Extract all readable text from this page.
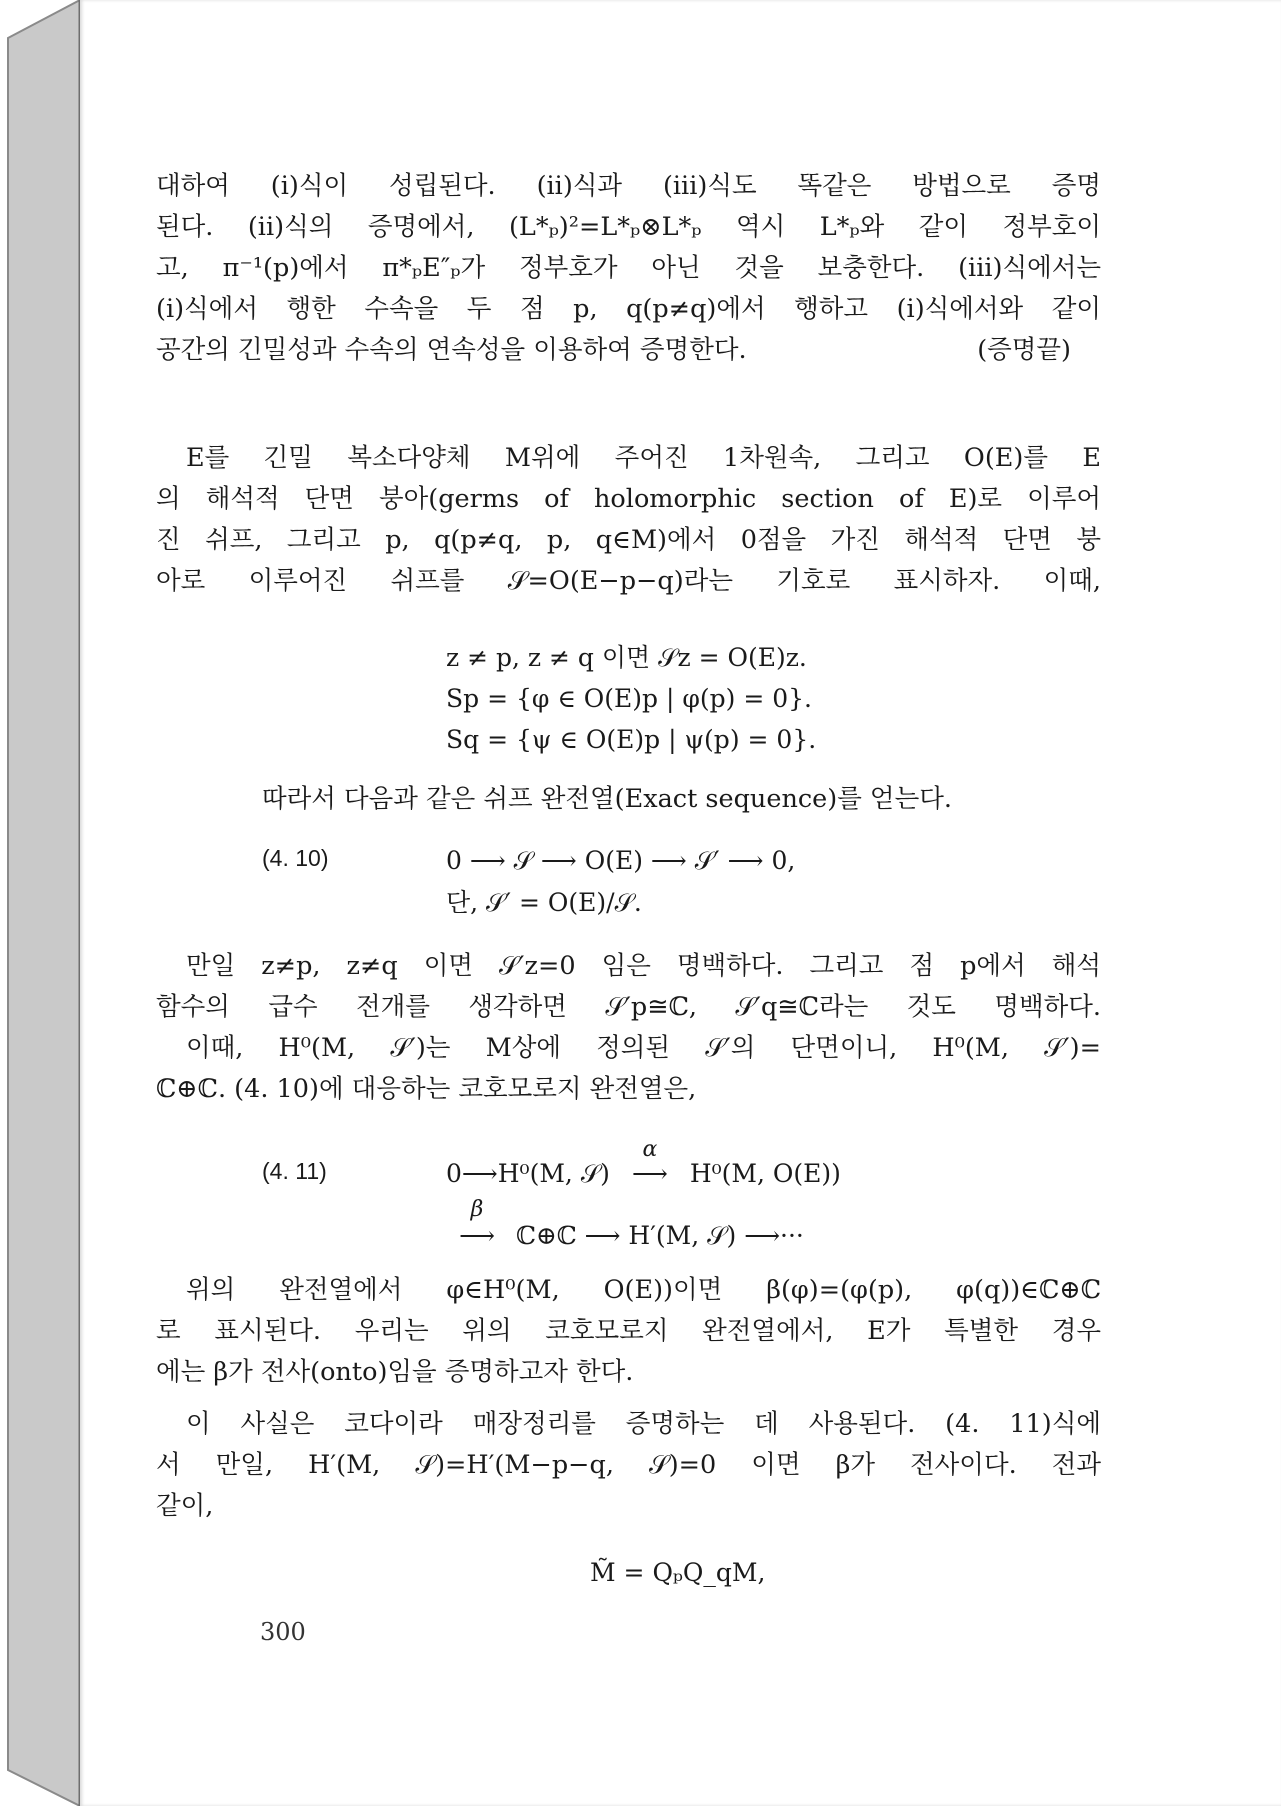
대하여 (i)식이 성립된다. (ii)식과 (iii)식도 똑같은 방법으로 증명
된다. (ii)식의 증명에서, (L*ₚ)²=L*ₚ⊗L*ₚ 역시 L*ₚ와 같이 정부호이
고, π⁻¹(p)에서 π*ₚE″ₚ가 정부호가 아닌 것을 보충한다. (iii)식에서는
(i)식에서 행한 수속을 두 점 p, q(p≠q)에서 행하고 (i)식에서와 같이
공간의 긴밀성과 수속의 연속성을 이용하여 증명한다.	(증명끝)
E를 긴밀 복소다양체 M위에 주어진 1차원속, 그리고 O(E)를 E
의 해석적 단면 붕아(germs of holomorphic section of E)로 이루어
진 쉬프, 그리고 p, q(p≠q, p, q∈M)에서 0점을 가진 해석적 단면 붕
아로 이루어진 쉬프를 𝒮=O(E−p−q)라는 기호로 표시하자. 이때,
z ≠ p, z ≠ q 이면 𝒮z = O(E)z.
Sp = {φ ∈ O(E)p | φ(p) = 0}.
Sq = {ψ ∈ O(E)p | ψ(p) = 0}.
따라서 다음과 같은 쉬프 완전열(Exact sequence)를 얻는다.
(4. 10)	0 ⟶ 𝒮 ⟶ O(E) ⟶ 𝒮′ ⟶ 0,
단, 𝒮′ = O(E)/𝒮.
만일 z≠p, z≠q 이면 𝒮′z=0 임은 명백하다. 그리고 점 p에서 해석
함수의 급수 전개를 생각하면 𝒮′p≅ℂ, 𝒮′q≅ℂ라는 것도 명백하다.
이때, H⁰(M, 𝒮′)는 M상에 정의된 𝒮′의 단면이니, H⁰(M, 𝒮′)=
ℂ⊕ℂ. (4. 10)에 대응하는 코호모로지 완전열은,
(4. 11)	0⟶H⁰(M, 𝒮)
α
⟶ H⁰(M, O(E))
β
⟶ ℂ⊕ℂ ⟶ H′(M, 𝒮) ⟶···
위의 완전열에서 φ∈H⁰(M, O(E))이면 β(φ)=(φ(p), φ(q))∈ℂ⊕ℂ
로 표시된다. 우리는 위의 코호모로지 완전열에서, E가 특별한 경우
에는 β가 전사(onto)임을 증명하고자 한다.
이 사실은 코다이라 매장정리를 증명하는 데 사용된다. (4. 11)식에
서 만일, H′(M, 𝒮)=H′(M−p−q, 𝒮)=0 이면 β가 전사이다. 전과
같이,
M̃ = QₚQ_qM,
300
